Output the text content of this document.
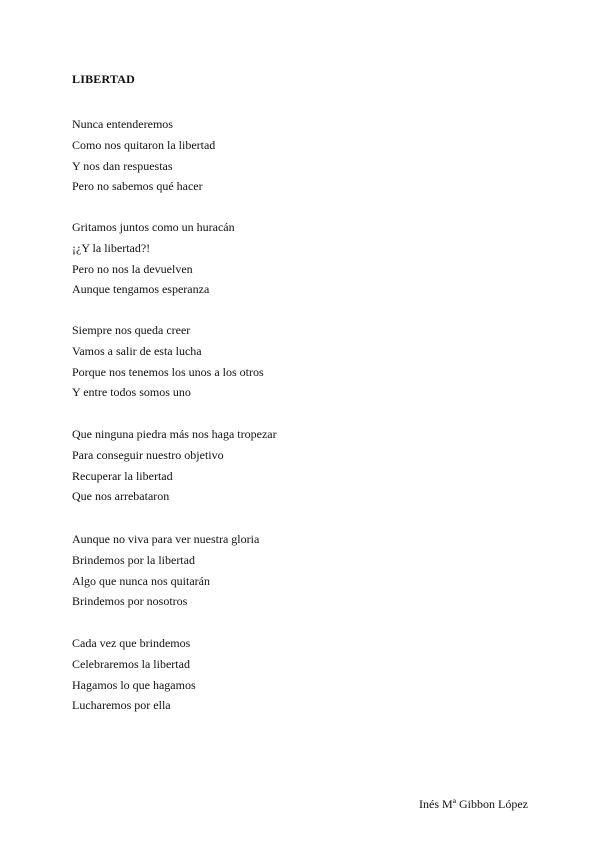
LIBERTAD
Nunca entenderemos
Como nos quitaron la libertad
Y nos dan respuestas
Pero no sabemos qué hacer
Gritamos juntos como un huracán
¡¿Y la libertad?!
Pero no nos la devuelven
Aunque tengamos esperanza
Siempre nos queda creer
Vamos a salir de esta lucha
Porque nos tenemos los unos a los otros
Y entre todos somos uno
Que ninguna piedra más nos haga tropezar
Para conseguir nuestro objetivo
Recuperar la libertad
Que nos arrebataron
Aunque no viva para ver nuestra gloria
Brindemos por la libertad
Algo que nunca nos quitarán
Brindemos por nosotros
Cada vez que brindemos
Celebraremos la libertad
Hagamos lo que hagamos
Lucharemos por ella

Inés Mª Gibbon López
